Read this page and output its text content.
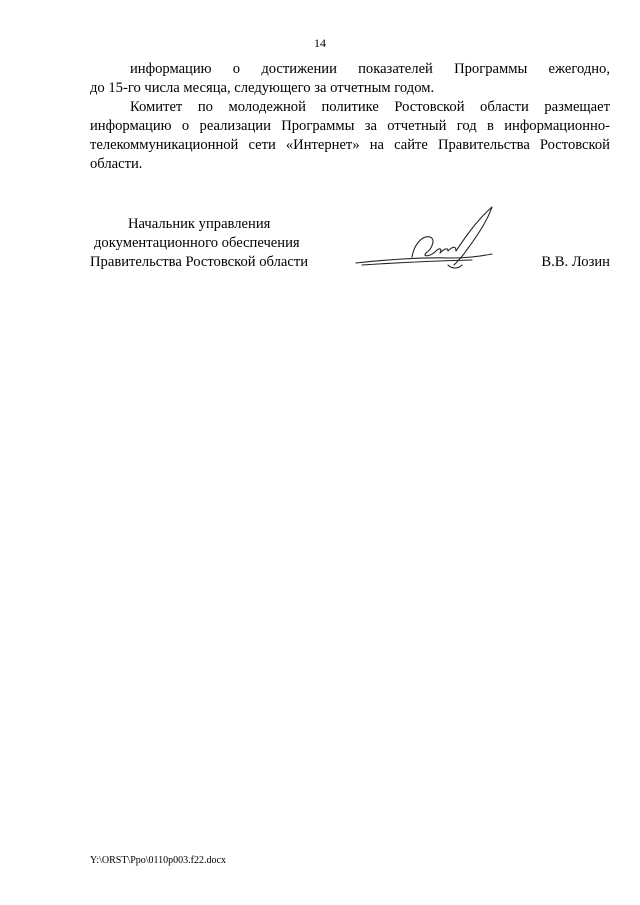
14

информацию о достижении показателей Программы ежегодно,

до 15-го числа месяца, следующего за отчетным годом.

Комитет по молодежной политике Ростовской области размещает информацию о реализации Программы за отчетный год в информационно-телекоммуникационной сети «Интернет» на сайте Правительства Ростовской области.

Начальник управления
документационного обеспечения
Правительства Ростовской области	В.В. Лозин
Y:\ORST\Ppo\0110p003.f22.docx
